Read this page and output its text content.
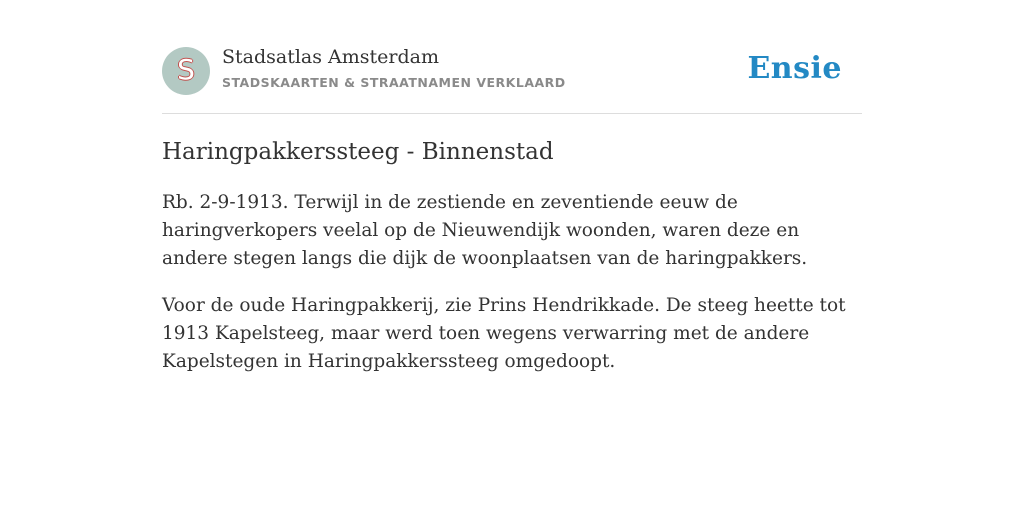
S Stadsatlas Amsterdam
STADSKAARTEN & STRAATNAMEN VERKLAARD	Ensie
Haringpakkerssteeg - Binnenstad

Rb. 2-9-1913. Terwijl in de zestiende en zeventiende eeuw de haringverkopers veelal op de Nieuwendijk woonden, waren deze en andere stegen langs die dijk de woonplaatsen van de haringpakkers.

Voor de oude Haringpakkerij, zie Prins Hendrikkade. De steeg heette tot 1913 Kapelsteeg, maar werd toen wegens verwarring met de andere Kapelstegen in Haringpakkerssteeg omgedoopt.
